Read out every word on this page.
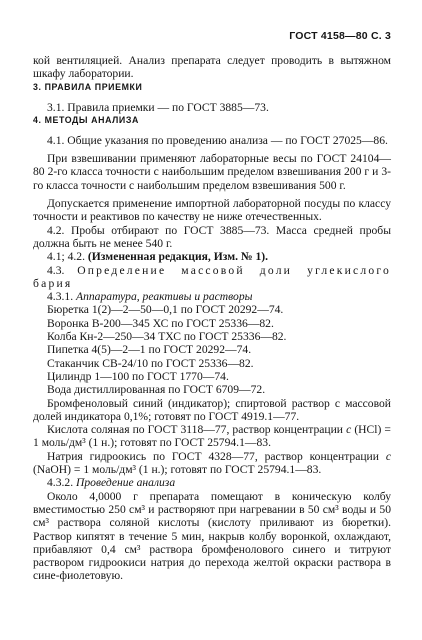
ГОСТ 4158—80 С. 3

кой вентиляцией. Анализ препарата следует проводить в вытяжном шкафу лаборатории.

3. ПРАВИЛА ПРИЕМКИ

3.1. Правила приемки — по ГОСТ 3885—73.

4. МЕТОДЫ АНАЛИЗА

4.1. Общие указания по проведению анализа — по ГОСТ 27025—86.

При взвешивании применяют лабораторные весы по ГОСТ 24104—80 2-го класса точности с наибольшим пределом взвешивания 200 г и 3-го класса точности с наибольшим пределом взвешивания 500 г.

Допускается применение импортной лабораторной посуды по классу точности и реактивов по качеству не ниже отечественных.

4.2. Пробы отбирают по ГОСТ 3885—73. Масса средней пробы должна быть не менее 540 г.

4.1; 4.2. (Измененная редакция, Изм. № 1).

4.3. Определение массовой доли углекислого бария

4.3.1. Аппаратура, реактивы и растворы

Бюретка 1(2)—2—50—0,1 по ГОСТ 20292—74.

Воронка В-200—345 ХС по ГОСТ 25336—82.

Колба Кн-2—250—34 ТХС по ГОСТ 25336—82.

Пипетка 4(5)—2—1 по ГОСТ 20292—74.

Стаканчик СВ-24/10 по ГОСТ 25336—82.

Цилиндр 1—100 по ГОСТ 1770—74.

Вода дистиллированная по ГОСТ 6709—72.

Бромфеноловый синий (индикатор); спиртовой раствор с массовой долей индикатора 0,1%; готовят по ГОСТ 4919.1—77.

Кислота соляная по ГОСТ 3118—77, раствор концентрации c (HCl) = 1 моль/дм³ (1 н.); готовят по ГОСТ 25794.1—83.

Натрия гидроокись по ГОСТ 4328—77, раствор концентрации c (NaOH) = 1 моль/дм³ (1 н.); готовят по ГОСТ 25794.1—83.

4.3.2. Проведение анализа

Около 4,0000 г препарата помещают в коническую колбу вместимостью 250 см³ и растворяют при нагревании в 50 см³ воды и 50 см³ раствора соляной кислоты (кислоту приливают из бюретки). Раствор кипятят в течение 5 мин, накрыв колбу воронкой, охлаждают, прибавляют 0,4 см³ раствора бромфенолового синего и титруют раствором гидроокиси натрия до перехода желтой окраски раствора в сине-фиолетовую.
